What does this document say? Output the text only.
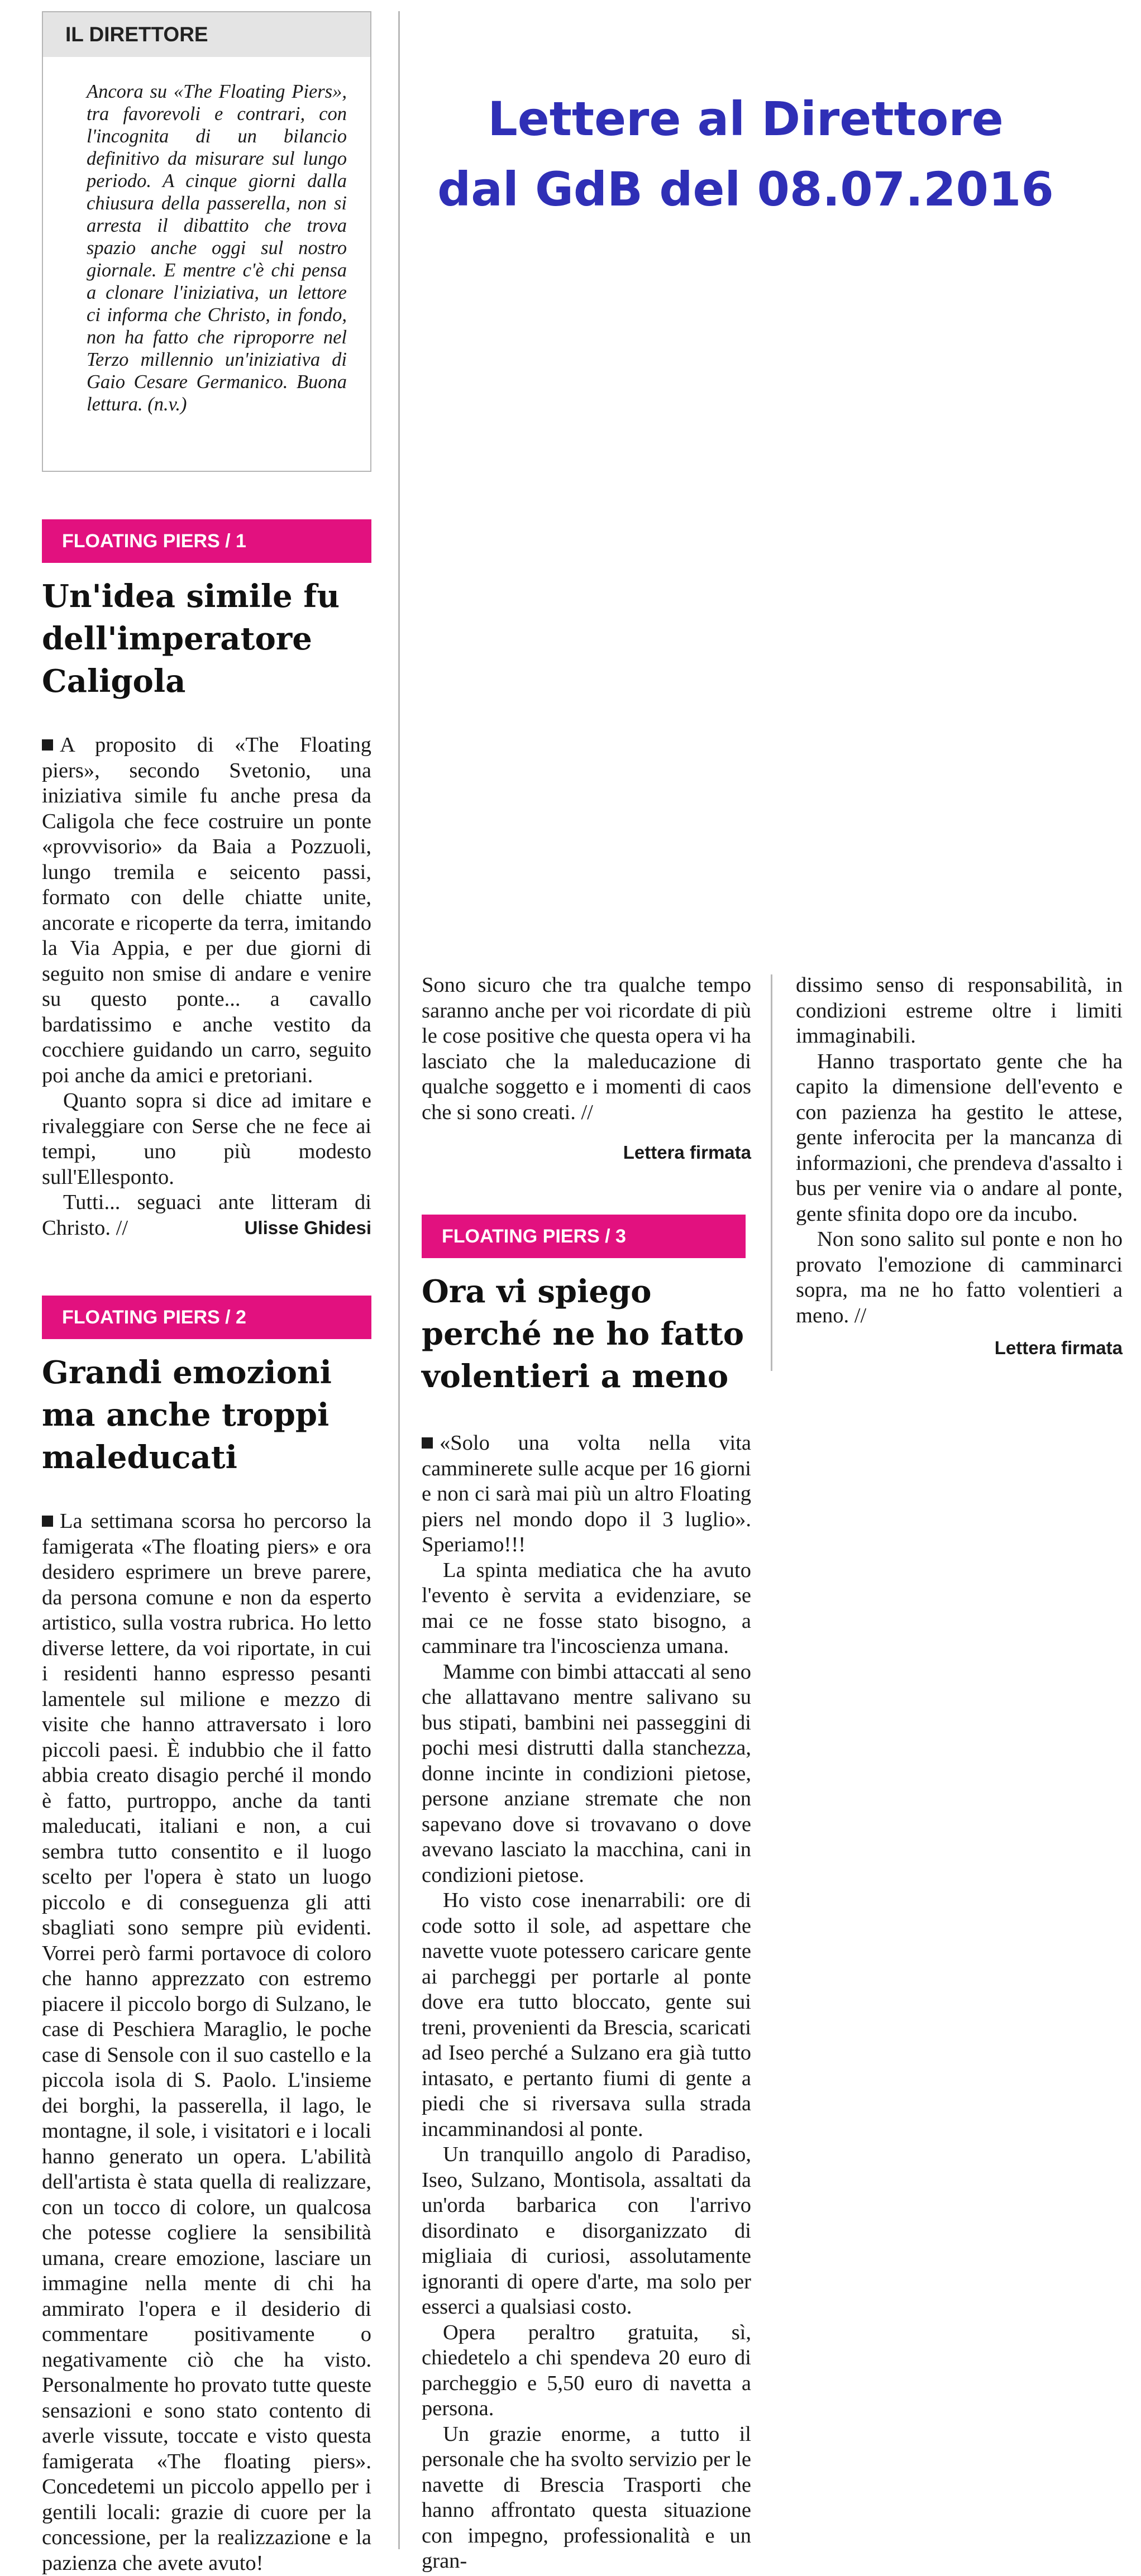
Lettere al Direttore
dal GdB del 08.07.2016
IL DIRETTORE

Ancora su «The Floating Piers», tra favorevoli e contrari, con l'incognita di un bilancio definitivo da misurare sul lungo periodo. A cinque giorni dalla chiusura della passerella, non si arresta il dibattito che trova spazio anche oggi sul nostro giornale. E mentre c'è chi pensa a clonare l'iniziativa, un lettore ci informa che Christo, in fondo, non ha fatto che riproporre nel Terzo millennio un'iniziativa di Gaio Cesare Germanico. Buona lettura. (n.v.)

FLOATING PIERS / 1
Un'idea simile fu dell'imperatore Caligola

A proposito di «The Floating piers», secondo Svetonio, una iniziativa simile fu anche presa da Caligola che fece costruire un ponte «provvisorio» da Baia a Pozzuoli, lungo tremila e seicento passi, formato con delle chiatte unite, ancorate e ricoperte da terra, imitando la Via Appia, e per due giorni di seguito non smise di andare e venire su questo ponte... a cavallo bardatissimo e anche vestito da cocchiere guidando un carro, seguito poi anche da amici e pretoriani.

Quanto sopra si dice ad imitare e rivaleggiare con Serse che ne fece ai tempi, uno più modesto sull'Ellesponto.

Tutti... seguaci ante litteram di Christo. //	Ulisse Ghidesi
FLOATING PIERS / 2
Grandi emozioni ma anche troppi maleducati

La settimana scorsa ho percorso la famigerata «The floating piers» e ora desidero esprimere un breve parere, da persona comune e non da esperto artistico, sulla vostra rubrica. Ho letto diverse lettere, da voi riportate, in cui i residenti hanno espresso pesanti lamentele sul milione e mezzo di visite che hanno attraversato i loro piccoli paesi. È indubbio che il fatto abbia creato disagio perché il mondo è fatto, purtroppo, anche da tanti maleducati, italiani e non, a cui sembra tutto consentito e il luogo scelto per l'opera è stato un luogo piccolo e di conseguenza gli atti sbagliati sono sempre più evidenti. Vorrei però farmi portavoce di coloro che hanno apprezzato con estremo piacere il piccolo borgo di Sulzano, le case di Peschiera Maraglio, le poche case di Sensole con il suo castello e la piccola isola di S. Paolo. L'insieme dei borghi, la passerella, il lago, le montagne, il sole, i visitatori e i locali hanno generato un opera. L'abilità dell'artista è stata quella di realizzare, con un tocco di colore, un qualcosa che potesse cogliere la sensibilità umana, creare emozione, lasciare un immagine nella mente di chi ha ammirato l'opera e il desiderio di commentare positivamente o negativamente ciò che ha visto. Personalmente ho provato tutte queste sensazioni e sono stato contento di averle vissute, toccate e visto questa famigerata «The floating piers». Concedetemi un piccolo appello per i gentili locali: grazie di cuore per la concessione, per la realizzazione e la pazienza che avete avuto!

Sono sicuro che tra qualche tempo saranno anche per voi ricordate di più le cose positive che questa opera vi ha lasciato che la maleducazione di qualche soggetto e i momenti di caos che si sono creati. //

Lettera firmata
FLOATING PIERS / 3
Ora vi spiego perché ne ho fatto volentieri a meno

«Solo una volta nella vita camminerete sulle acque per 16 giorni e non ci sarà mai più un altro Floating piers nel mondo dopo il 3 luglio». Speriamo!!!

La spinta mediatica che ha avuto l'evento è servita a evidenziare, se mai ce ne fosse stato bisogno, a camminare tra l'incoscienza umana.

Mamme con bimbi attaccati al seno che allattavano mentre salivano su bus stipati, bambini nei passeggini di pochi mesi distrutti dalla stanchezza, donne incinte in condizioni pietose, persone anziane stremate che non sapevano dove si trovavano o dove avevano lasciato la macchina, cani in condizioni pietose.

Ho visto cose inenarrabili: ore di code sotto il sole, ad aspettare che navette vuote potessero caricare gente ai parcheggi per portarle al ponte dove era tutto bloccato, gente sui treni, provenienti da Brescia, scaricati ad Iseo perché a Sulzano era già tutto intasato, e pertanto fiumi di gente a piedi che si riversava sulla strada incamminandosi al ponte.

Un tranquillo angolo di Paradiso, Iseo, Sulzano, Montisola, assaltati da un'orda barbarica con l'arrivo disordinato e disorganizzato di migliaia di curiosi, assolutamente ignoranti di opere d'arte, ma solo per esserci a qualsiasi costo.

Opera peraltro gratuita, sì, chiedetelo a chi spendeva 20 euro di parcheggio e 5,50 euro di navetta a persona.

Un grazie enorme, a tutto il personale che ha svolto servizio per le navette di Brescia Trasporti che hanno affrontato questa situazione con impegno, professionalità e un gran-

dissimo senso di responsabilità, in condizioni estreme oltre i limiti immaginabili.

Hanno trasportato gente che ha capito la dimensione dell'evento e con pazienza ha gestito le attese, gente inferocita per la mancanza di informazioni, che prendeva d'assalto i bus per venire via o andare al ponte, gente sfinita dopo ore da incubo.

Non sono salito sul ponte e non ho provato l'emozione di camminarci sopra, ma ne ho fatto volentieri a meno. //

Lettera firmata
